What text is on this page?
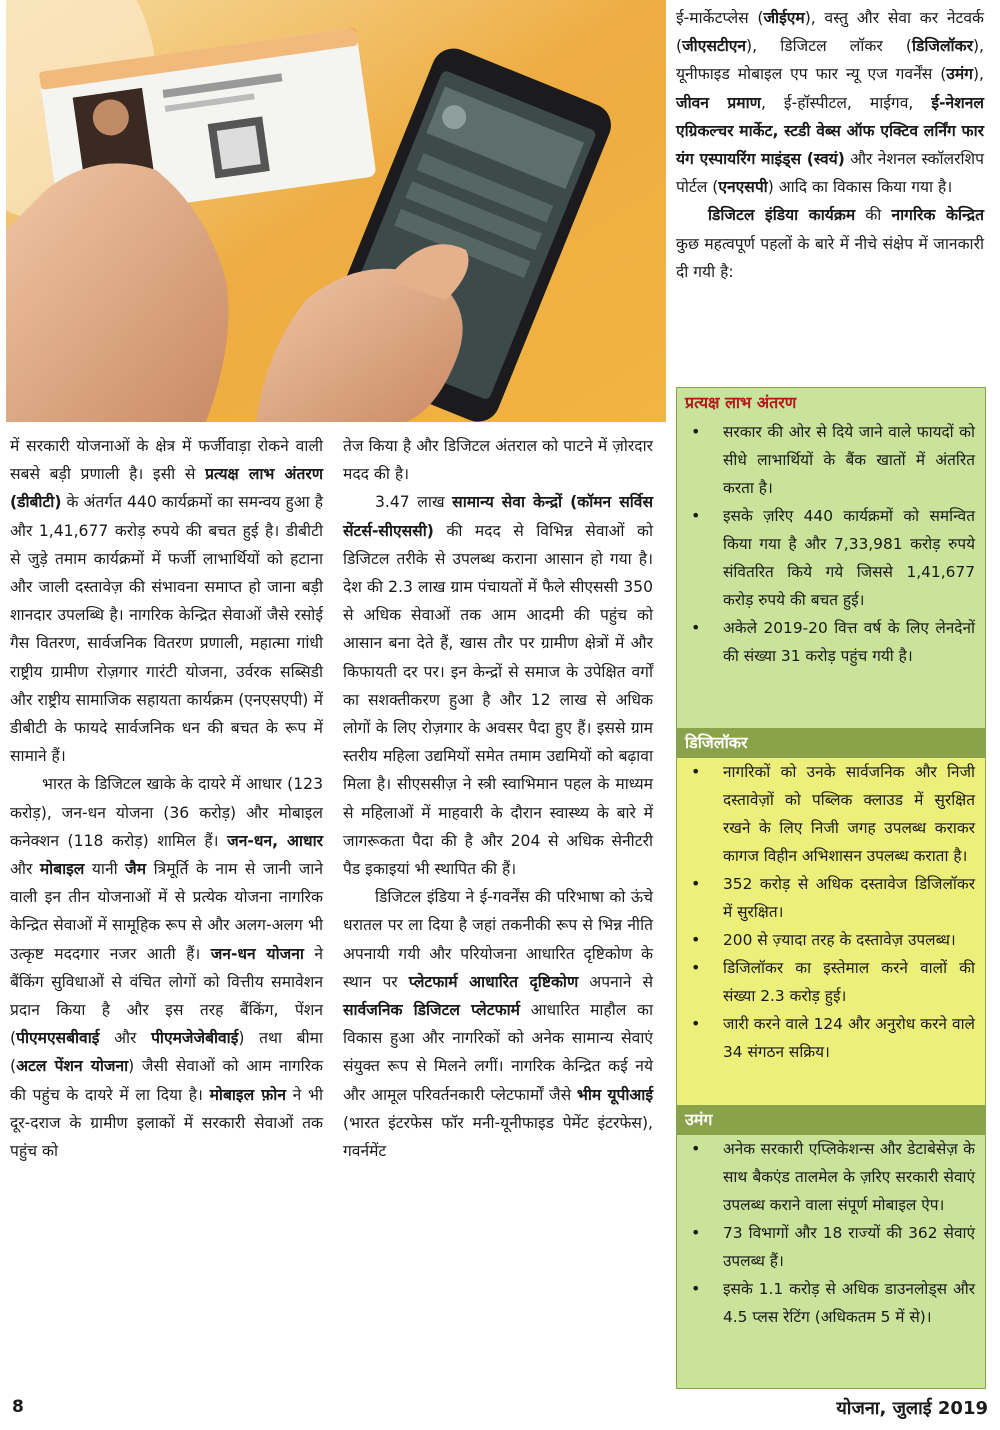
में सरकारी योजनाओं के क्षेत्र में फर्जीवाड़ा रोकने वाली सबसे बड़ी प्रणाली है। इसी से प्रत्यक्ष लाभ अंतरण (डीबीटी) के अंतर्गत 440 कार्यक्रमों का समन्वय हुआ है और 1,41,677 करोड़ रुपये की बचत हुई है। डीबीटी से जुड़े तमाम कार्यक्रमों में फर्जी लाभार्थियों को हटाना और जाली दस्तावेज़ की संभावना समाप्त हो जाना बड़ी शानदार उपलब्धि है। नागरिक केन्द्रित सेवाओं जैसे रसोई गैस वितरण, सार्वजनिक वितरण प्रणाली, महात्मा गांधी राष्ट्रीय ग्रामीण रोज़गार गारंटी योजना, उर्वरक सब्सिडी और राष्ट्रीय सामाजिक सहायता कार्यक्रम (एनएसएपी) में डीबीटी के फायदे सार्वजनिक धन की बचत के रूप में सामाने हैं।

भारत के डिजिटल खाके के दायरे में आधार (123 करोड़), जन-धन योजना (36 करोड़) और मोबाइल कनेक्शन (118 करोड़) शामिल हैं। जन-धन, आधार और मोबाइल यानी जैम त्रिमूर्ति के नाम से जानी जाने वाली इन तीन योजनाओं में से प्रत्येक योजना नागरिक केन्द्रित सेवाओं में सामूहिक रूप से और अलग-अलग भी उत्कृष्ट मददगार नजर आती हैं। जन-धन योजना ने बैंकिंग सुविधाओं से वंचित लोगों को वित्तीय समावेशन प्रदान किया है और इस तरह बैंकिंग, पेंशन (पीएमएसबीवाई और पीएमजेजेबीवाई) तथा बीमा (अटल पेंशन योजना) जैसी सेवाओं को आम नागरिक की पहुंच के दायरे में ला दिया है। मोबाइल फ़ोन ने भी दूर-दराज के ग्रामीण इलाकों में सरकारी सेवाओं तक पहुंच को

तेज किया है और डिजिटल अंतराल को पाटने में ज़ोरदार मदद की है।

3.47 लाख सामान्य सेवा केन्द्रों (कॉमन सर्विस सेंटर्स-सीएससी) की मदद से विभिन्न सेवाओं को डिजिटल तरीके से उपलब्ध कराना आसान हो गया है। देश की 2.3 लाख ग्राम पंचायतों में फैले सीएससी 350 से अधिक सेवाओं तक आम आदमी की पहुंच को आसान बना देते हैं, खास तौर पर ग्रामीण क्षेत्रों में और किफायती दर पर। इन केन्द्रों से समाज के उपेक्षित वर्गों का सशक्तीकरण हुआ है और 12 लाख से अधिक लोगों के लिए रोज़गार के अवसर पैदा हुए हैं। इससे ग्राम स्तरीय महिला उद्यमियों समेत तमाम उद्यमियों को बढ़ावा मिला है। सीएससीज़ ने स्त्री स्वाभिमान पहल के माध्यम से महिलाओं में माहवारी के दौरान स्वास्थ्य के बारे में जागरूकता पैदा की है और 204 से अधिक सेनीटरी पैड इकाइयां भी स्थापित की हैं।

डिजिटल इंडिया ने ई-गवर्नेंस की परिभाषा को ऊंचे धरातल पर ला दिया है जहां तकनीकी रूप से भिन्न नीति अपनायी गयी और परियोजना आधारित दृष्टिकोण के स्थान पर प्लेटफार्म आधारित दृष्टिकोण अपनाने से सार्वजनिक डिजिटल प्लेटफार्म आधारित माहौल का विकास हुआ और नागरिकों को अनेक सामान्य सेवाएं संयुक्त रूप से मिलने लगीं। नागरिक केन्द्रित कई नये और आमूल परिवर्तनकारी प्लेटफार्मों जैसे भीम यूपीआई (भारत इंटरफेस फॉर मनी-यूनीफाइड पेमेंट इंटरफेस), गवर्नमेंट

ई-मार्केटप्लेस (जीईएम), वस्तु और सेवा कर नेटवर्क (जीएसटीएन), डिजिटल लॉकर (डिजिलॉकर), यूनीफाइड मोबाइल एप फार न्यू एज गवर्नेंस (उमंग), जीवन प्रमाण, ई-हॉस्पीटल, माईगव, ई-नेशनल एग्रिकल्चर मार्केट, स्टडी वेब्स ऑफ एक्टिव लर्निंग फार यंग एस्पायरिंग माइंड्स (स्वयं) और नेशनल स्कॉलरशिप पोर्टल (एनएसपी) आदि का विकास किया गया है।

डिजिटल इंडिया कार्यक्रम की नागरिक केन्द्रित कुछ महत्वपूर्ण पहलों के बारे में नीचे संक्षेप में जानकारी दी गयी है:

प्रत्यक्ष लाभ अंतरण
• सरकार की ओर से दिये जाने वाले फायदों को सीधे लाभार्थियों के बैंक खातों में अंतरित करता है।
• इसके ज़रिए 440 कार्यक्रमों को समन्वित किया गया है और 7,33,981 करोड़ रुपये संवितरित किये गये जिससे 1,41,677 करोड़ रुपये की बचत हुई।
• अकेले 2019-20 वित्त वर्ष के लिए लेनदेनों की संख्या 31 करोड़ पहुंच गयी है।
डिजिलॉकर
• नागरिकों को उनके सार्वजनिक और निजी दस्तावेज़ों को पब्लिक क्लाउड में सुरक्षित रखने के लिए निजी जगह उपलब्ध कराकर कागज विहीन अभिशासन उपलब्ध कराता है।
• 352 करोड़ से अधिक दस्तावेज डिजिलॉकर में सुरक्षित।
• 200 से ज़्यादा तरह के दस्तावेज़ उपलब्ध।
• डिजिलॉकर का इस्तेमाल करने वालों की संख्या 2.3 करोड़ हुई।
• जारी करने वाले 124 और अनुरोध करने वाले 34 संगठन सक्रिय।
उमंग
• अनेक सरकारी एप्लिकेशन्स और डेटाबेसेज़ के साथ बैकएंड तालमेल के ज़रिए सरकारी सेवाएं उपलब्ध कराने वाला संपूर्ण मोबाइल ऐप।
• 73 विभागों और 18 राज्यों की 362 सेवाएं उपलब्ध हैं।
• इसके 1.1 करोड़ से अधिक डाउनलोड्स और 4.5 प्लस रेटिंग (अधिकतम 5 में से)।
8	योजना, जुलाई 2019
